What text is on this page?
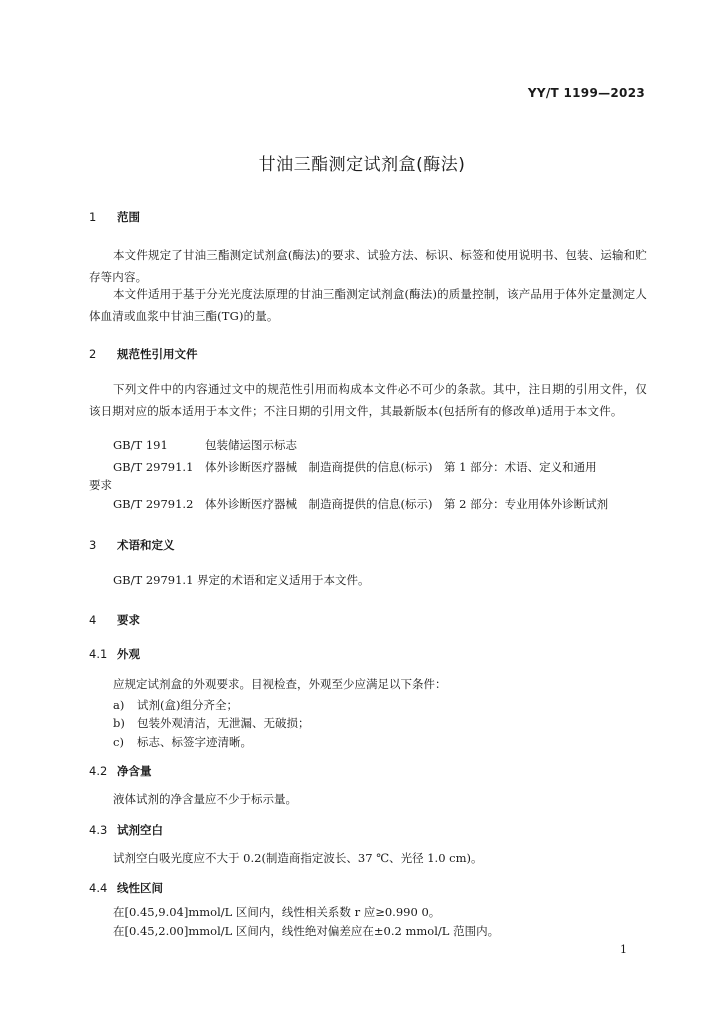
YY/T 1199—2023
甘油三酯测定试剂盒(酶法)
1 范围
本文件规定了甘油三酯测定试剂盒(酶法)的要求、试验方法、标识、标签和使用说明书、包装、运输和贮存等内容。
本文件适用于基于分光光度法原理的甘油三酯测定试剂盒(酶法)的质量控制，该产品用于体外定量测定人体血清或血浆中甘油三酯(TG)的量。
2 规范性引用文件
下列文件中的内容通过文中的规范性引用而构成本文件必不可少的条款。其中，注日期的引用文件，仅该日期对应的版本适用于本文件；不注日期的引用文件，其最新版本(包括所有的修改单)适用于本文件。
GB/T 191	包装储运图示标志
GB/T 29791.1 体外诊断医疗器械　制造商提供的信息(标示)　第 1 部分：术语、定义和通用
要求
GB/T 29791.2 体外诊断医疗器械　制造商提供的信息(标示)　第 2 部分：专业用体外诊断试剂
3 术语和定义
GB/T 29791.1 界定的术语和定义适用于本文件。
4 要求
4.1 外观
应规定试剂盒的外观要求。目视检查，外观至少应满足以下条件：
a) 试剂(盒)组分齐全；
b) 包装外观清洁，无泄漏、无破损；
c) 标志、标签字迹清晰。
4.2 净含量
液体试剂的净含量应不少于标示量。
4.3 试剂空白
试剂空白吸光度应不大于 0.2(制造商指定波长、37 ℃、光径 1.0 cm)。
4.4 线性区间
在[0.45,9.04]mmol/L 区间内，线性相关系数 r 应≥0.990 0。
在[0.45,2.00]mmol/L 区间内，线性绝对偏差应在±0.2 mmol/L 范围内。
1
